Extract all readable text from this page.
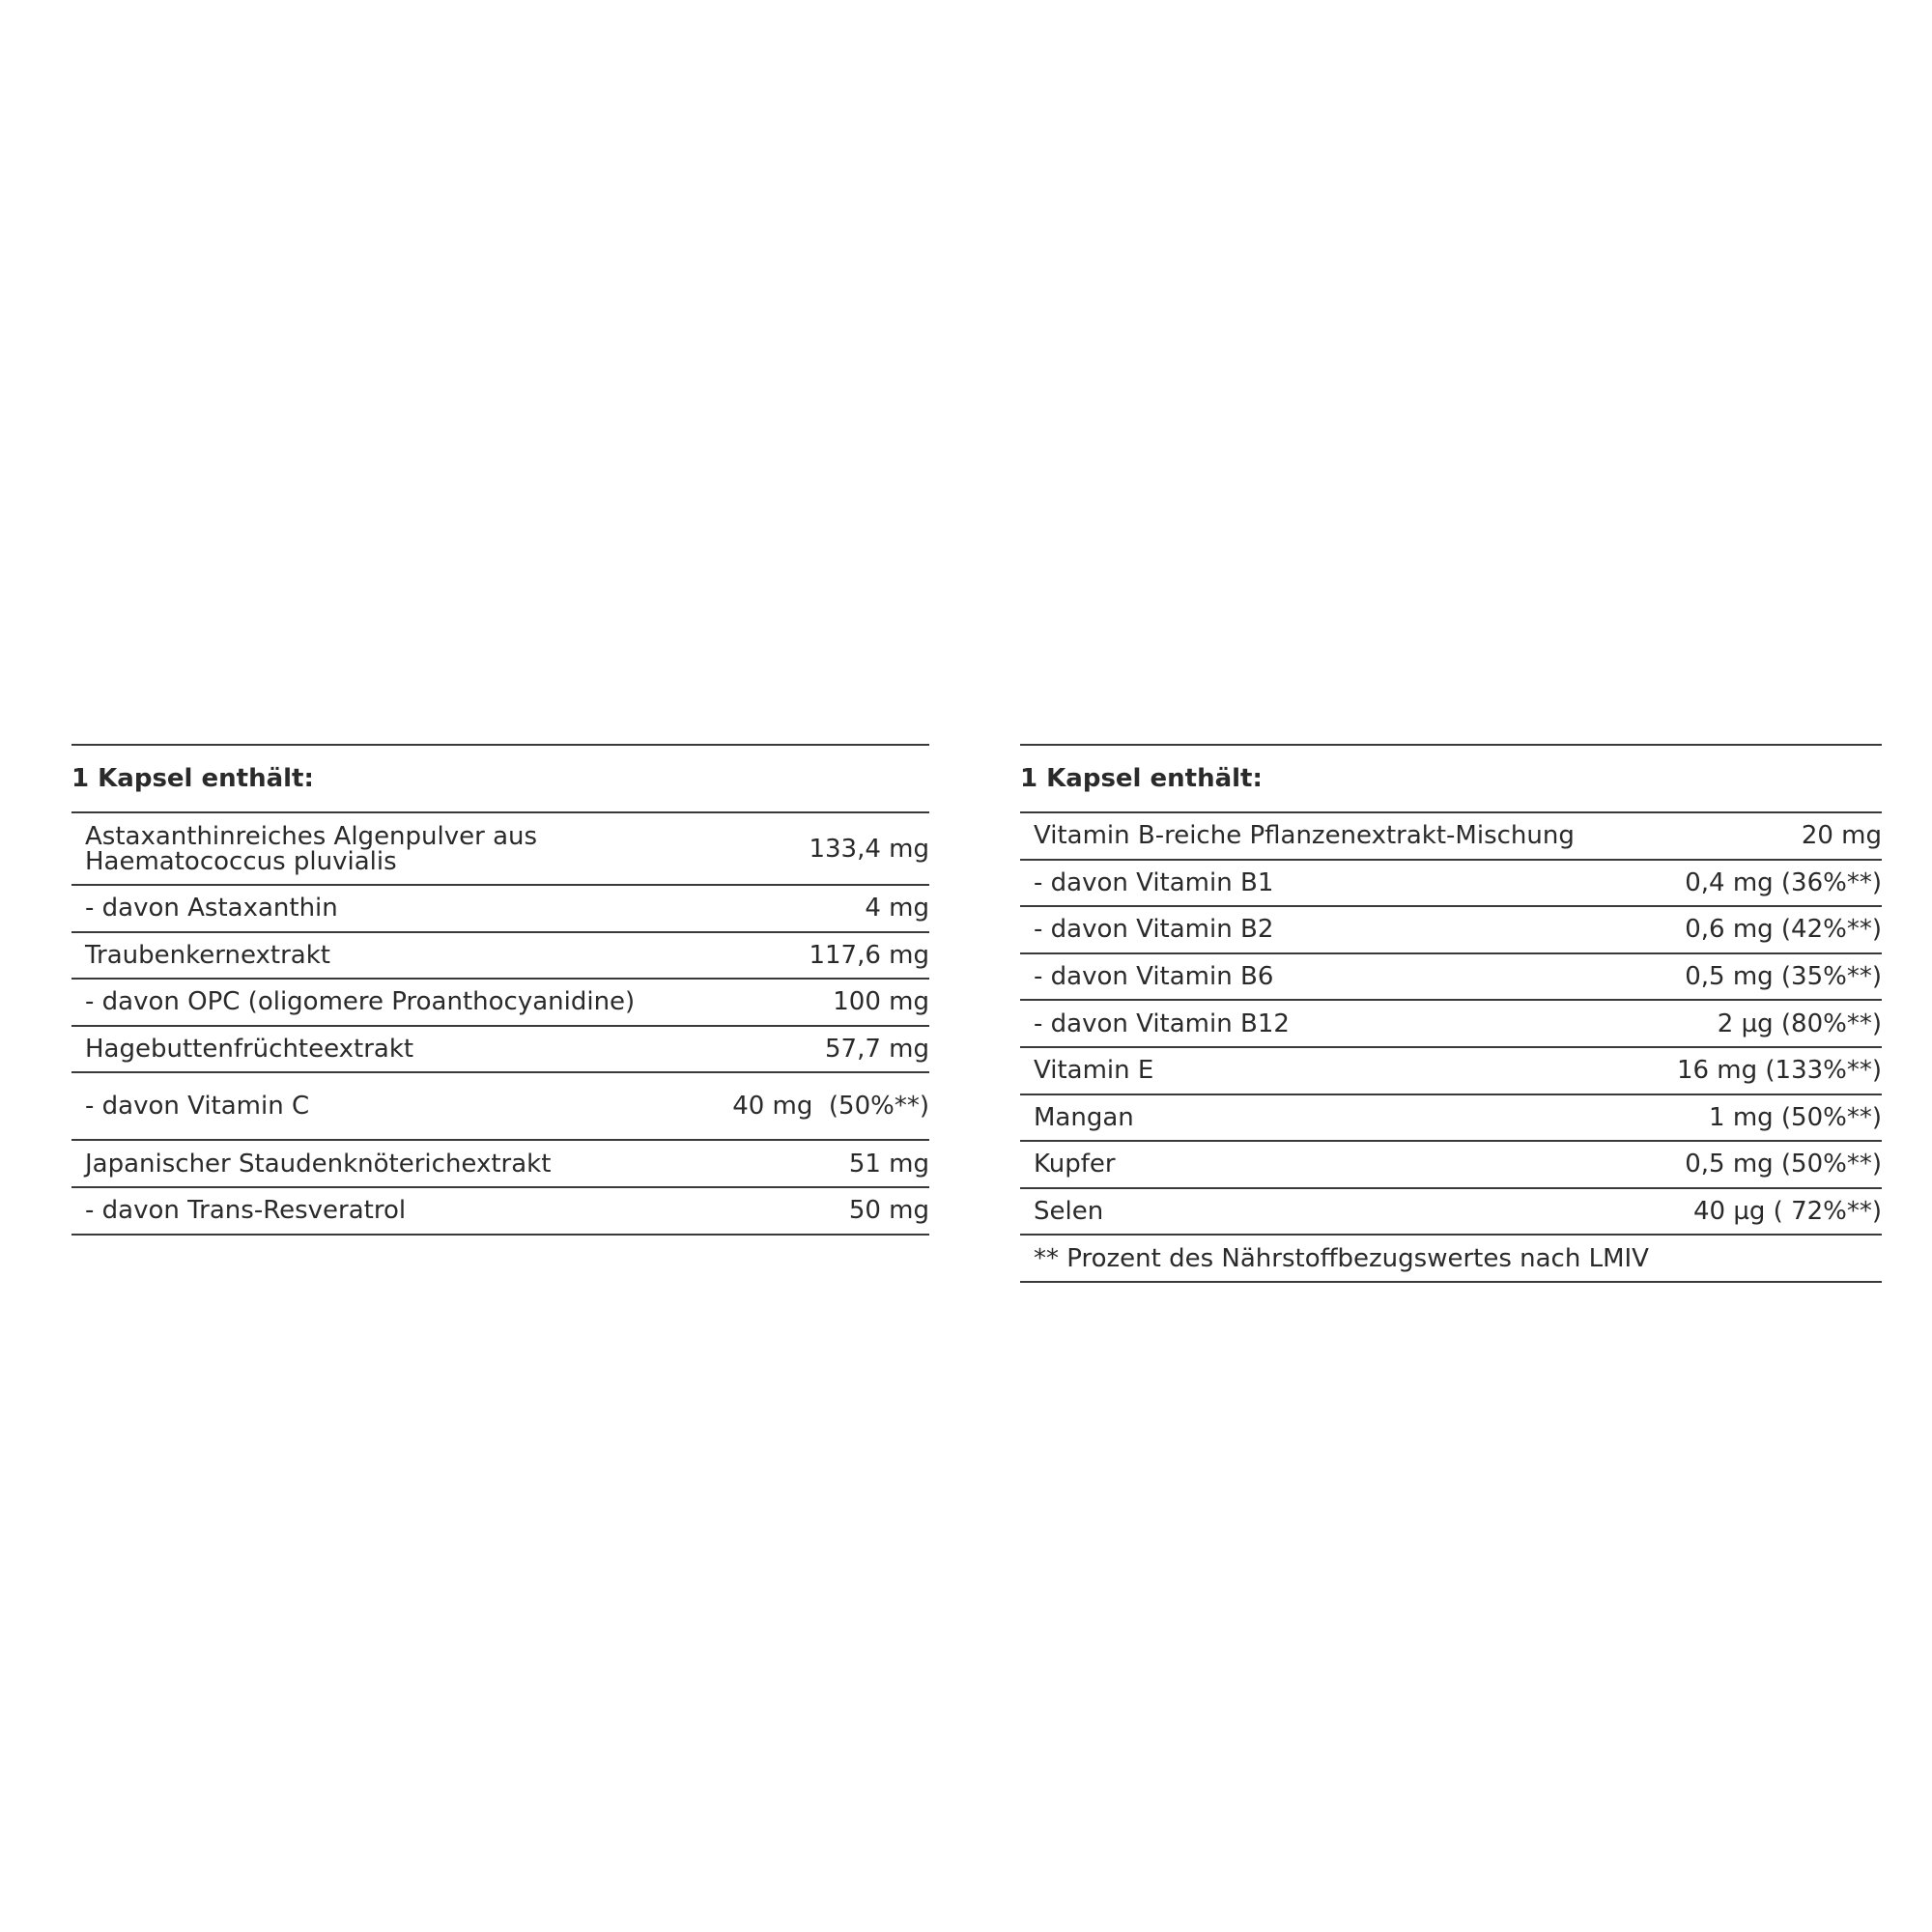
1 Kapsel enthält:
Astaxanthinreiches Algenpulver aus
Haematococcus pluvialis	133,4 mg
- davon Astaxanthin	4 mg
Traubenkernextrakt	117,6 mg
- davon OPC (oligomere Proanthocyanidine)	100 mg
Hagebuttenfrüchteextrakt	57,7 mg
- davon Vitamin C	40 mg  (50%**)
Japanischer Staudenknöterichextrakt	51 mg
- davon Trans-Resveratrol	50 mg
1 Kapsel enthält:
Vitamin B-reiche Pflanzenextrakt-Mischung	20 mg
- davon Vitamin B1	0,4 mg (36%**)
- davon Vitamin B2	0,6 mg (42%**)
- davon Vitamin B6	0,5 mg (35%**)
- davon Vitamin B12	2 µg (80%**)
Vitamin E	16 mg (133%**)
Mangan	1 mg (50%**)
Kupfer	0,5 mg (50%**)
Selen	40 µg ( 72%**)
** Prozent des Nährstoffbezugswertes nach LMIV
